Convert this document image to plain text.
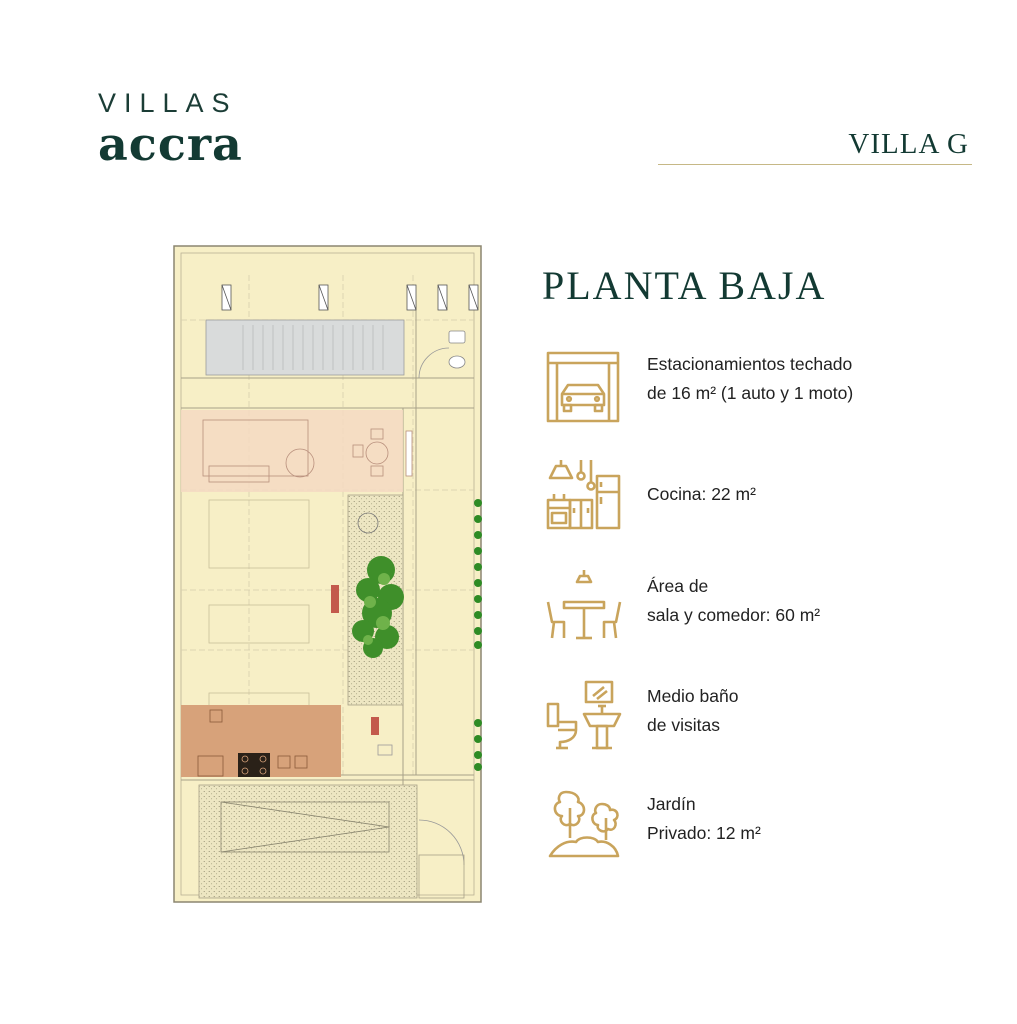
VILLAS
accra	VILLA G
PLANTA BAJA
Estacionamientos techado
de 16 m² (1 auto y 1 moto)
Cocina: 22 m²
Área de
sala y comedor: 60 m²
Medio baño
de visitas
Jardín
Privado: 12 m²
